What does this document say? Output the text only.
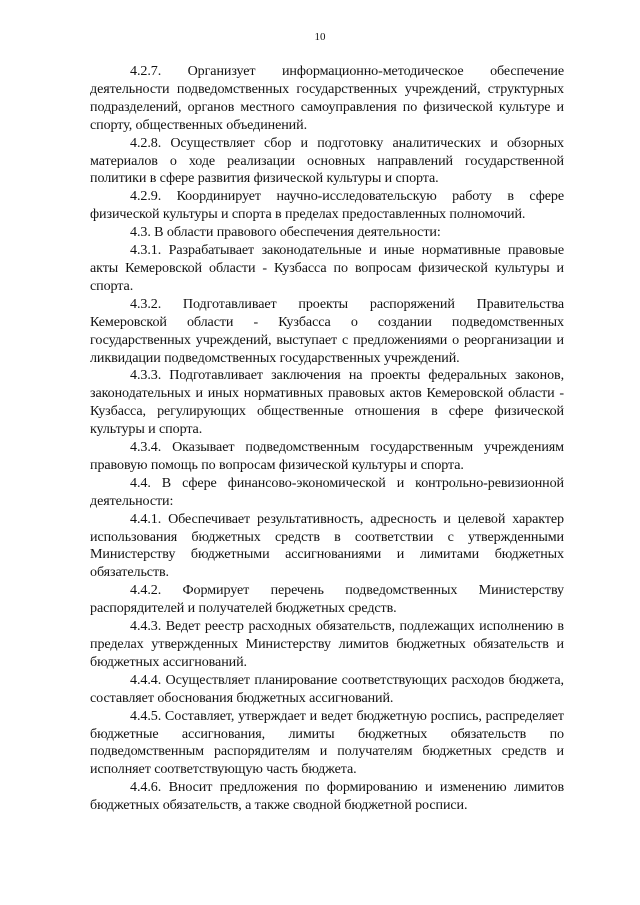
10

4.2.7. Организует информационно-методическое обеспечение деятельности подведомственных государственных учреждений, структурных подразделений, органов местного самоуправления по физической культуре и спорту, общественных объединений.

4.2.8. Осуществляет сбор и подготовку аналитических и обзорных материалов о ходе реализации основных направлений государственной политики в сфере развития физической культуры и спорта.

4.2.9. Координирует научно-исследовательскую работу в сфере физической культуры и спорта в пределах предоставленных полномочий.

4.3. В области правового обеспечения деятельности:

4.3.1. Разрабатывает законодательные и иные нормативные правовые акты Кемеровской области - Кузбасса по вопросам физической культуры и спорта.

4.3.2. Подготавливает проекты распоряжений Правительства Кемеровской области - Кузбасса о создании подведомственных государственных учреждений, выступает с предложениями о реорганизации и ликвидации подведомственных государственных учреждений.

4.3.3. Подготавливает заключения на проекты федеральных законов, законодательных и иных нормативных правовых актов Кемеровской области - Кузбасса, регулирующих общественные отношения в сфере физической культуры и спорта.

4.3.4. Оказывает подведомственным государственным учреждениям правовую помощь по вопросам физической культуры и спорта.

4.4. В сфере финансово-экономической и контрольно-ревизионной деятельности:

4.4.1. Обеспечивает результативность, адресность и целевой характер использования бюджетных средств в соответствии с утвержденными Министерству бюджетными ассигнованиями и лимитами бюджетных обязательств.

4.4.2. Формирует перечень подведомственных Министерству распорядителей и получателей бюджетных средств.

4.4.3. Ведет реестр расходных обязательств, подлежащих исполнению в пределах утвержденных Министерству лимитов бюджетных обязательств и бюджетных ассигнований.

4.4.4. Осуществляет планирование соответствующих расходов бюджета, составляет обоснования бюджетных ассигнований.

4.4.5. Составляет, утверждает и ведет бюджетную роспись, распределяет бюджетные ассигнования, лимиты бюджетных обязательств по подведомственным распорядителям и получателям бюджетных средств и исполняет соответствующую часть бюджета.

4.4.6. Вносит предложения по формированию и изменению лимитов бюджетных обязательств, а также сводной бюджетной росписи.
